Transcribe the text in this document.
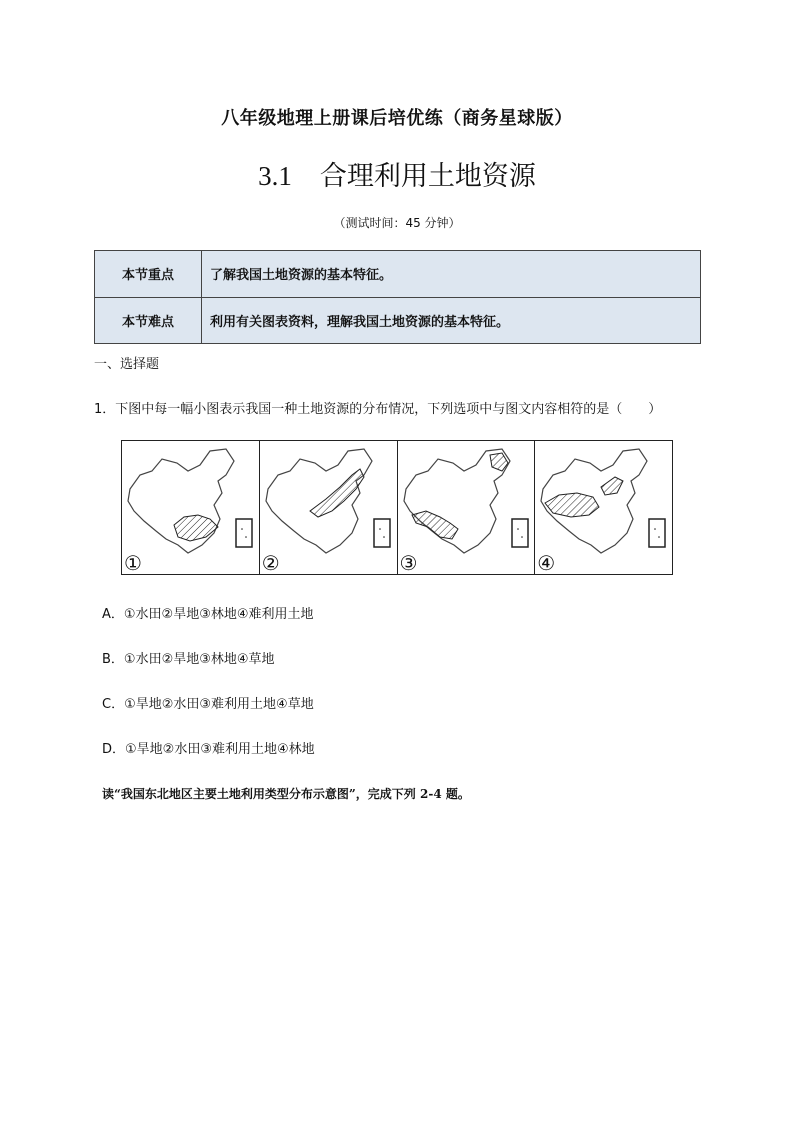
八年级地理上册课后培优练（商务星球版）
3.1 合理利用土地资源
（测试时间：45 分钟）
本节重点	了解我国土地资源的基本特征。
本节难点	利用有关图表资料，理解我国土地资源的基本特征。
一、选择题
1．下图中每一幅小图表示我国一种土地资源的分布情况，下列选项中与图文内容相符的是（　　）
①	②	③	④
A．①水田②旱地③林地④难利用土地
B．①水田②旱地③林地④草地
C．①旱地②水田③难利用土地④草地
D．①旱地②水田③难利用土地④林地
读“我国东北地区主要土地利用类型分布示意图”，完成下列 2-4 题。
